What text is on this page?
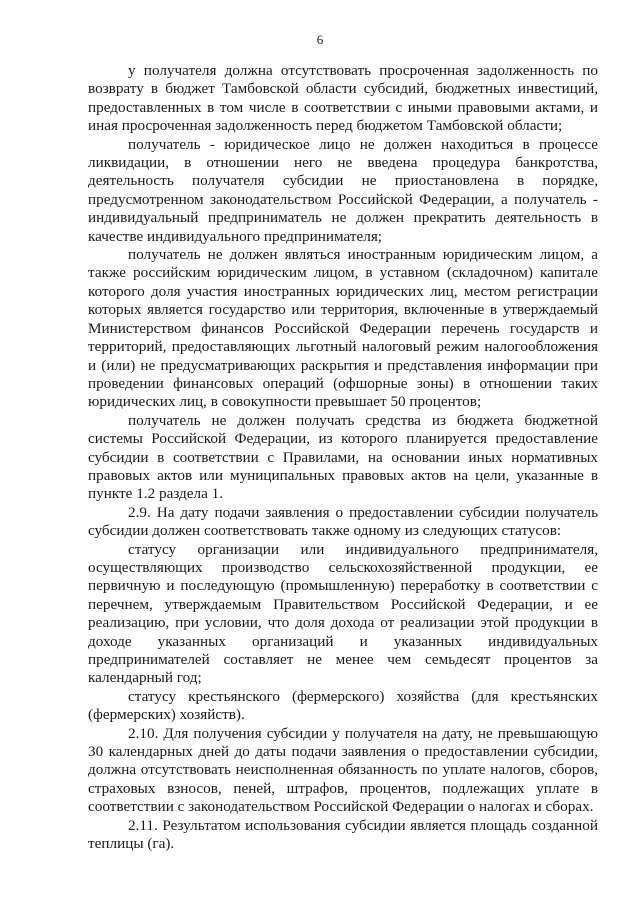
6

у получателя должна отсутствовать просроченная задолженность по возврату в бюджет Тамбовской области субсидий, бюджетных инвестиций, предоставленных в том числе в соответствии с иными правовыми актами, и иная просроченная задолженность перед бюджетом Тамбовской области;

получатель - юридическое лицо не должен находиться в процессе ликвидации, в отношении него не введена процедура банкротства, деятельность получателя субсидии не приостановлена в порядке, предусмотренном законодательством Российской Федерации, а получатель - индивидуальный предприниматель не должен прекратить деятельность в качестве индивидуального предпринимателя;

получатель не должен являться иностранным юридическим лицом, а также российским юридическим лицом, в уставном (складочном) капитале которого доля участия иностранных юридических лиц, местом регистрации которых является государство или территория, включенные в утверждаемый Министерством финансов Российской Федерации перечень государств и территорий, предоставляющих льготный налоговый режим налогообложения и (или) не предусматривающих раскрытия и представления информации при проведении финансовых операций (офшорные зоны) в отношении таких юридических лиц, в совокупности превышает 50 процентов;

получатель не должен получать средства из бюджета бюджетной системы Российской Федерации, из которого планируется предоставление субсидии в соответствии с Правилами, на основании иных нормативных правовых актов или муниципальных правовых актов на цели, указанные в пункте 1.2 раздела 1.

2.9. На дату подачи заявления о предоставлении субсидии получатель субсидии должен соответствовать также одному из следующих статусов:

статусу организации или индивидуального предпринимателя, осуществляющих производство сельскохозяйственной продукции, ее первичную и последующую (промышленную) переработку в соответствии с перечнем, утверждаемым Правительством Российской Федерации, и ее реализацию, при условии, что доля дохода от реализации этой продукции в доходе указанных организаций и указанных индивидуальных предпринимателей составляет не менее чем семьдесят процентов за календарный год;

статусу крестьянского (фермерского) хозяйства (для крестьянских (фермерских) хозяйств).

2.10. Для получения субсидии у получателя на дату, не превышающую 30 календарных дней до даты подачи заявления о предоставлении субсидии, должна отсутствовать неисполненная обязанность по уплате налогов, сборов, страховых взносов, пеней, штрафов, процентов, подлежащих уплате в соответствии с законодательством Российской Федерации о налогах и сборах.

2.11. Результатом использования субсидии является площадь созданной теплицы (га).
